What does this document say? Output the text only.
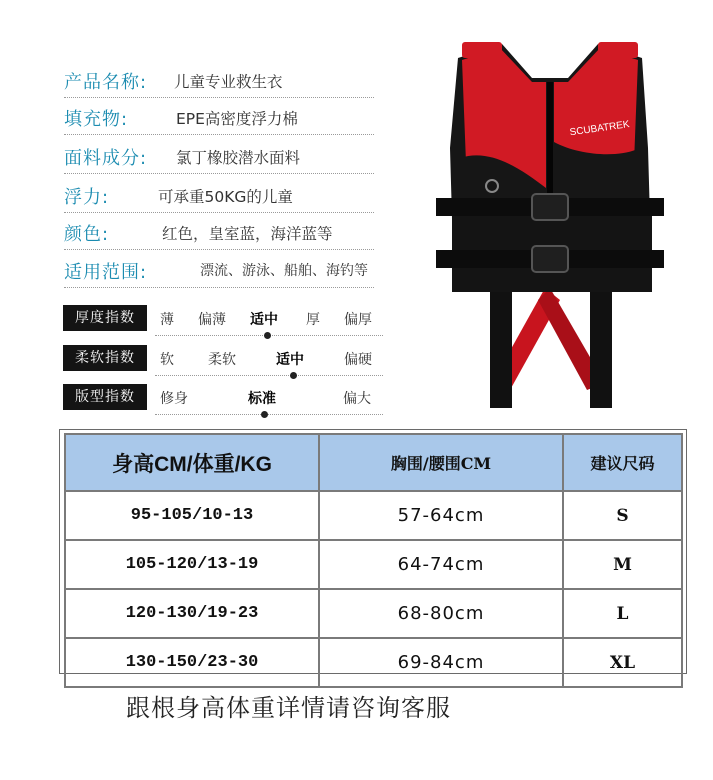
产品名称: 儿童专业救生衣
填充物:	EPE高密度浮力棉
面料成分: 氯丁橡胶潜水面料
浮力:	可承重50KG的儿童
颜色:	红色，皇室蓝，海洋蓝等
适用范围:	漂流、游泳、船舶、海钓等
厚度指数	薄 偏薄 适中 厚 偏厚
柔软指数	软 柔软	适中	偏硬
版型指数	修身	标准	偏大
SCUBATREK
身高CM/体重/KG	胸围/腰围CM	建议尺码
95-105/10-13	57-64cm	S
105-120/13-19	64-74cm	M
120-130/19-23	68-80cm	L
130-150/23-30	69-84cm	XL
跟根身高体重详情请咨询客服
